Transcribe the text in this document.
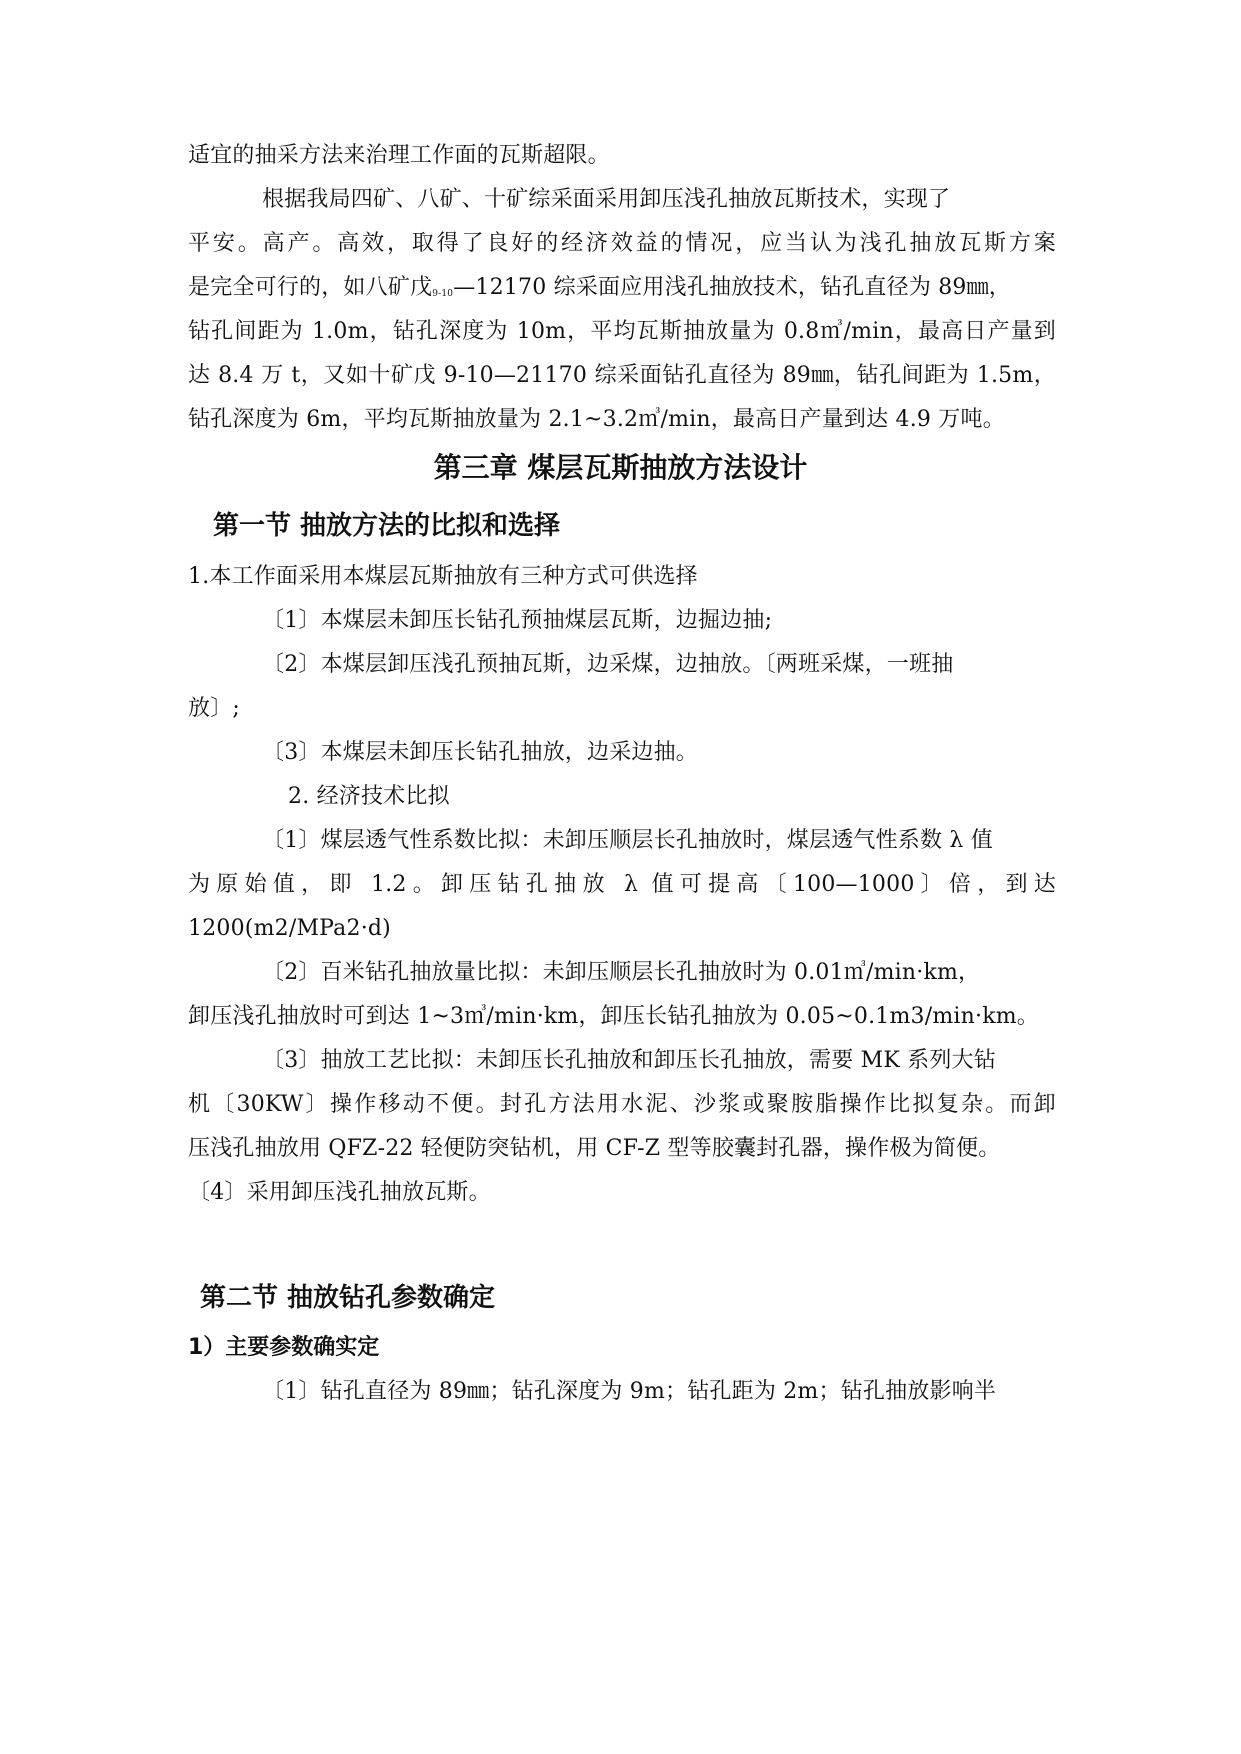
适宜的抽采方法来治理工作面的瓦斯超限。
根据我局四矿、八矿、十矿综采面采用卸压浅孔抽放瓦斯技术，实现了
平安。高产。高效，取得了良好的经济效益的情况，应当认为浅孔抽放瓦斯方案
是完全可行的，如八矿戊$_{9-10}$—12170 综采面应用浅孔抽放技术，钻孔直径为 89㎜，
钻孔间距为 1.0m，钻孔深度为 10m，平均瓦斯抽放量为 0.8㎥/min，最高日产量到
达 8.4 万 t，又如十矿戊 9-10—21170 综采面钻孔直径为 89㎜，钻孔间距为 1.5m，
钻孔深度为 6m，平均瓦斯抽放量为 2.1~3.2㎥/min，最高日产量到达 4.9 万吨。
第三章 煤层瓦斯抽放方法设计
第一节 抽放方法的比拟和选择
1.本工作面采用本煤层瓦斯抽放有三种方式可供选择
〔1〕本煤层未卸压长钻孔预抽煤层瓦斯，边掘边抽;
〔2〕本煤层卸压浅孔预抽瓦斯，边采煤，边抽放。〔两班采煤，一班抽
放〕;
〔3〕本煤层未卸压长钻孔抽放，边采边抽。
2. 经济技术比拟
〔1〕煤层透气性系数比拟：未卸压顺层长孔抽放时，煤层透气性系数 λ 值
为原始值，即 1.2。卸压钻孔抽放 λ 值可提高〔100—1000〕倍，到达
1200(m2/MPa2·d)
〔2〕百米钻孔抽放量比拟：未卸压顺层长孔抽放时为 0.01㎥/min·km，
卸压浅孔抽放时可到达 1~3㎥/min·km，卸压长钻孔抽放为 0.05~0.1m3/min·km。
〔3〕抽放工艺比拟：未卸压长孔抽放和卸压长孔抽放，需要 MK 系列大钻
机〔30KW〕操作移动不便。封孔方法用水泥、沙浆或聚胺脂操作比拟复杂。而卸
压浅孔抽放用 QFZ-22 轻便防突钻机，用 CF-Z 型等胶囊封孔器，操作极为简便。
〔4〕采用卸压浅孔抽放瓦斯。
第二节 抽放钻孔参数确定
1）主要参数确实定
〔1〕钻孔直径为 89㎜；钻孔深度为 9m；钻孔距为 2m；钻孔抽放影响半
